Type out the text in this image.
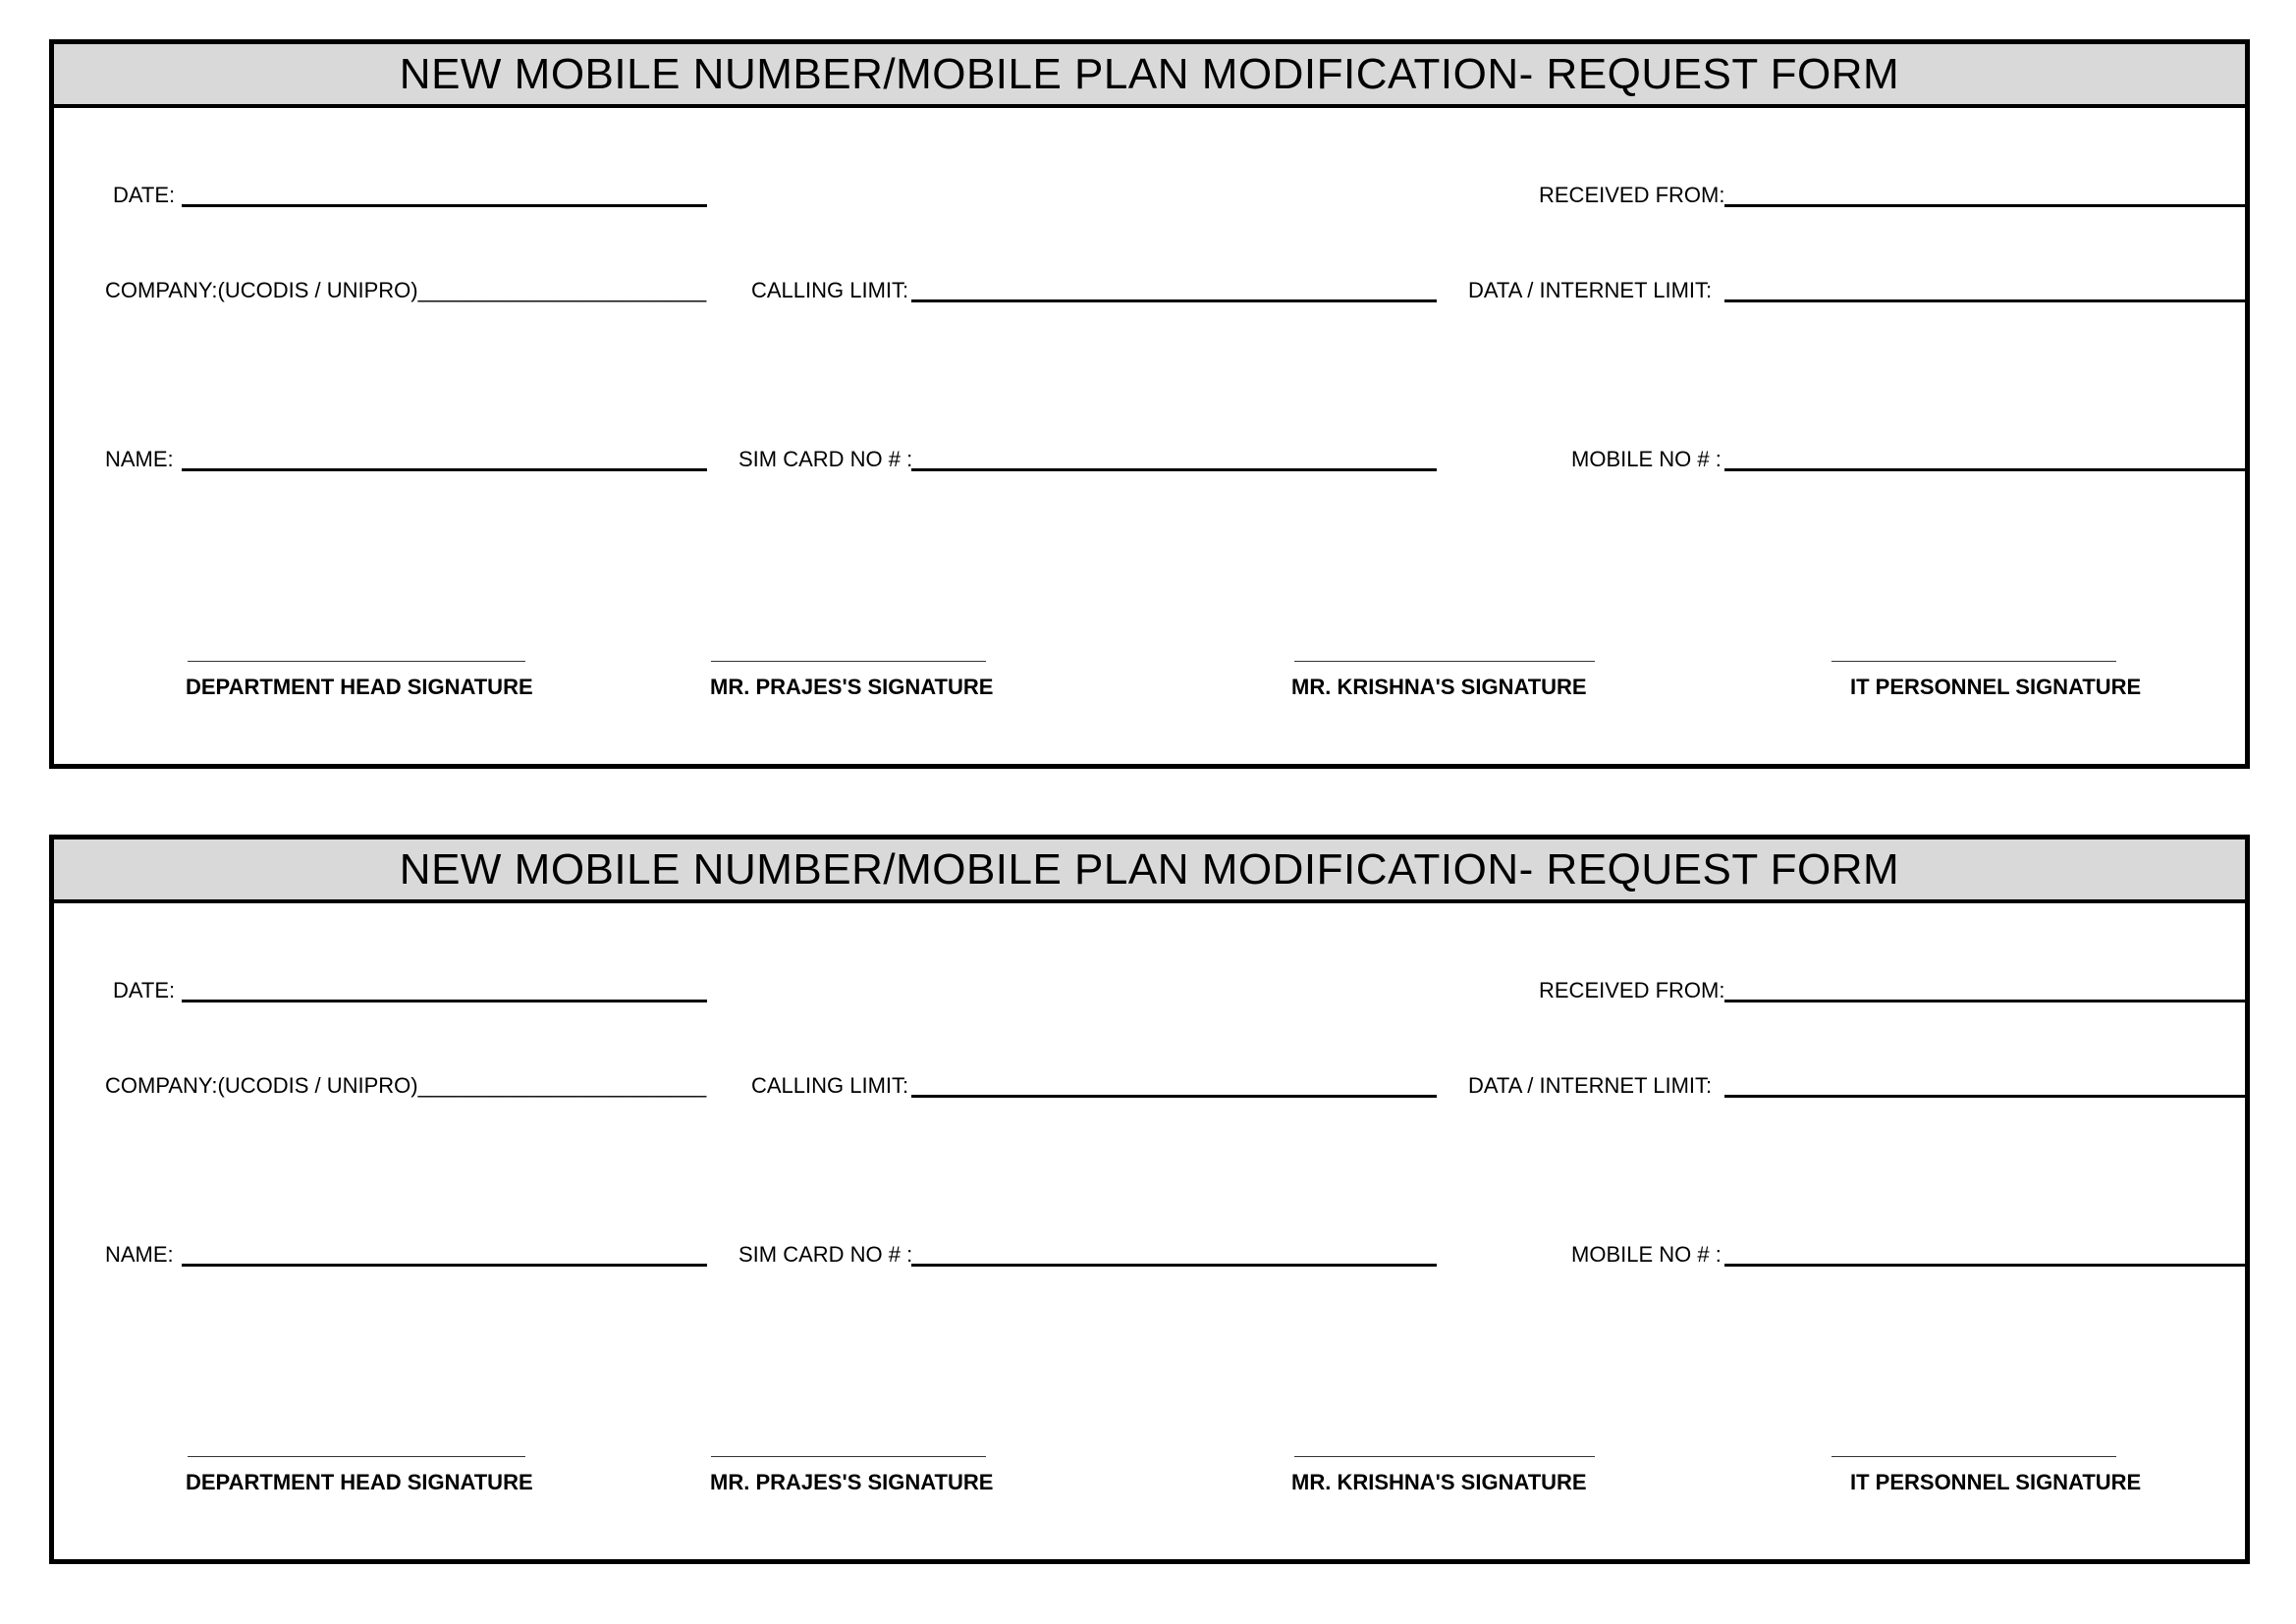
NEW MOBILE NUMBER/MOBILE PLAN MODIFICATION- REQUEST FORM
DATE:	RECEIVED FROM:
COMPANY:(UCODIS / UNIPRO)________________________ CALLING LIMIT:	DATA / INTERNET LIMIT:
NAME:	SIM CARD NO # :	MOBILE NO # :
DEPARTMENT HEAD SIGNATURE	MR. PRAJES'S SIGNATURE	MR. KRISHNA'S SIGNATURE	IT PERSONNEL SIGNATURE
NEW MOBILE NUMBER/MOBILE PLAN MODIFICATION- REQUEST FORM
DATE:	RECEIVED FROM:
COMPANY:(UCODIS / UNIPRO)________________________ CALLING LIMIT:	DATA / INTERNET LIMIT:
NAME:	SIM CARD NO # :	MOBILE NO # :
DEPARTMENT HEAD SIGNATURE	MR. PRAJES'S SIGNATURE	MR. KRISHNA'S SIGNATURE	IT PERSONNEL SIGNATURE
